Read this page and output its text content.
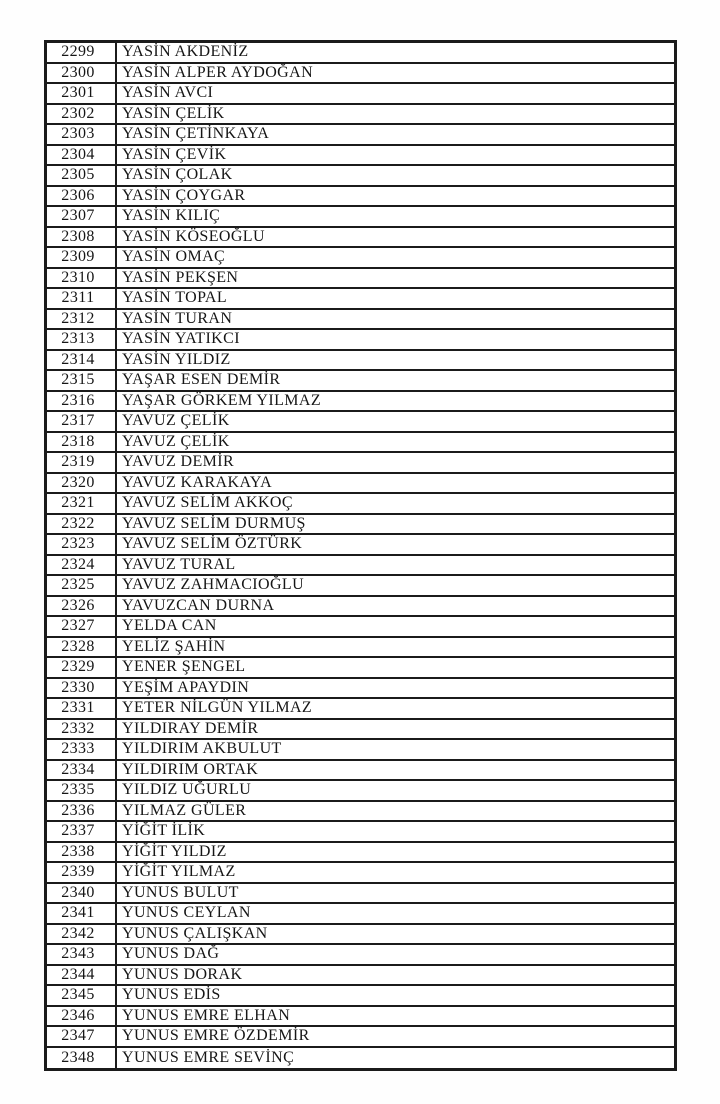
2299	YASİN AKDENİZ
2300	YASİN ALPER AYDOĞAN
2301	YASİN AVCI
2302	YASİN ÇELİK
2303	YASİN ÇETİNKAYA
2304	YASİN ÇEVİK
2305	YASİN ÇOLAK
2306	YASİN ÇOYGAR
2307	YASİN KILIÇ
2308	YASİN KÖSEOĞLU
2309	YASİN OMAÇ
2310	YASİN PEKŞEN
2311	YASİN TOPAL
2312	YASİN TURAN
2313	YASİN YATIKCI
2314	YASİN YILDIZ
2315	YAŞAR ESEN DEMİR
2316	YAŞAR GÖRKEM YILMAZ
2317	YAVUZ ÇELİK
2318	YAVUZ ÇELİK
2319	YAVUZ DEMİR
2320	YAVUZ KARAKAYA
2321	YAVUZ SELİM AKKOÇ
2322	YAVUZ SELİM DURMUŞ
2323	YAVUZ SELİM ÖZTÜRK
2324	YAVUZ TURAL
2325	YAVUZ ZAHMACIOĞLU
2326	YAVUZCAN DURNA
2327	YELDA CAN
2328	YELİZ ŞAHİN
2329	YENER ŞENGEL
2330	YEŞİM APAYDIN
2331	YETER NİLGÜN YILMAZ
2332	YILDIRAY DEMİR
2333	YILDIRIM AKBULUT
2334	YILDIRIM ORTAK
2335	YILDIZ UĞURLU
2336	YILMAZ GÜLER
2337	YİĞİT İLİK
2338	YİĞİT YILDIZ
2339	YİĞİT YILMAZ
2340	YUNUS BULUT
2341	YUNUS CEYLAN
2342	YUNUS ÇALIŞKAN
2343	YUNUS DAĞ
2344	YUNUS DORAK
2345	YUNUS EDİS
2346	YUNUS EMRE ELHAN
2347	YUNUS EMRE ÖZDEMİR
2348	YUNUS EMRE SEVİNÇ
